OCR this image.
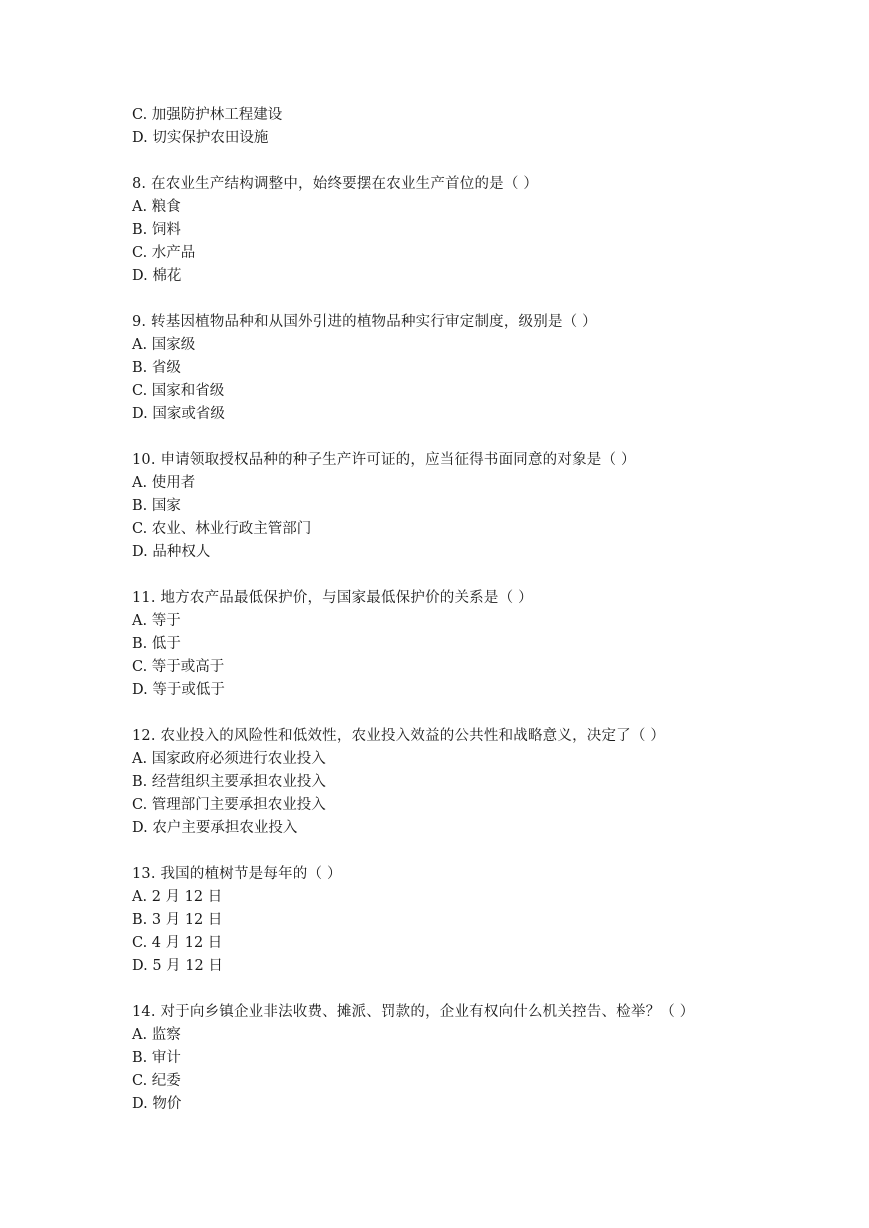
C. 加强防护林工程建设
D. 切实保护农田设施
8. 在农业生产结构调整中，始终要摆在农业生产首位的是（ ）
A. 粮食
B. 饲料
C. 水产品
D. 棉花
9. 转基因植物品种和从国外引进的植物品种实行审定制度，级别是（ ）
A. 国家级
B. 省级
C. 国家和省级
D. 国家或省级
10. 申请领取授权品种的种子生产许可证的，应当征得书面同意的对象是（ ）
A. 使用者
B. 国家
C. 农业、林业行政主管部门
D. 品种权人
11. 地方农产品最低保护价，与国家最低保护价的关系是（ ）
A. 等于
B. 低于
C. 等于或高于
D. 等于或低于
12. 农业投入的风险性和低效性，农业投入效益的公共性和战略意义，决定了（ ）
A. 国家政府必须进行农业投入
B. 经营组织主要承担农业投入
C. 管理部门主要承担农业投入
D. 农户主要承担农业投入
13. 我国的植树节是每年的（ ）
A. 2 月 12 日
B. 3 月 12 日
C. 4 月 12 日
D. 5 月 12 日
14. 对于向乡镇企业非法收费、摊派、罚款的，企业有权向什么机关控告、检举？（ ）
A. 监察
B. 审计
C. 纪委
D. 物价
